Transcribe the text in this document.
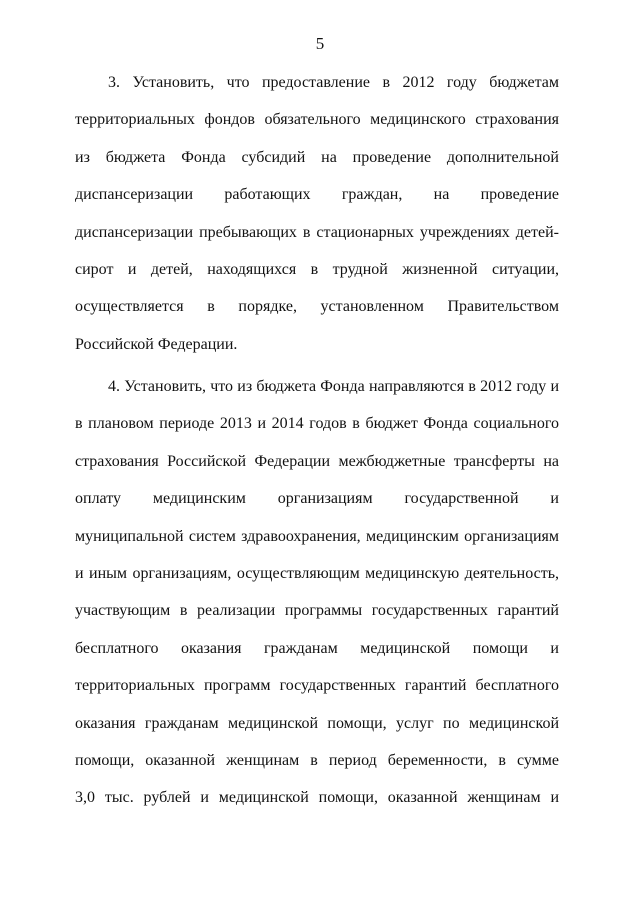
5
3. Установить, что предоставление в 2012 году бюджетам
территориальных фондов обязательного медицинского страхования
из бюджета Фонда субсидий на проведение дополнительной
диспансеризации работающих граждан, на проведение
диспансеризации пребывающих в стационарных учреждениях детей-
сирот и детей, находящихся в трудной жизненной ситуации,
осуществляется в порядке, установленном Правительством
Российской Федерации.
4. Установить, что из бюджета Фонда направляются в 2012 году и
в плановом периоде 2013 и 2014 годов в бюджет Фонда социального
страхования Российской Федерации межбюджетные трансферты на
оплату медицинским организациям государственной и
муниципальной систем здравоохранения, медицинским организациям
и иным организациям, осуществляющим медицинскую деятельность,
участвующим в реализации программы государственных гарантий
бесплатного оказания гражданам медицинской помощи и
территориальных программ государственных гарантий бесплатного
оказания гражданам медицинской помощи, услуг по медицинской
помощи, оказанной женщинам в период беременности, в сумме
3,0 тыс. рублей и медицинской помощи, оказанной женщинам и
